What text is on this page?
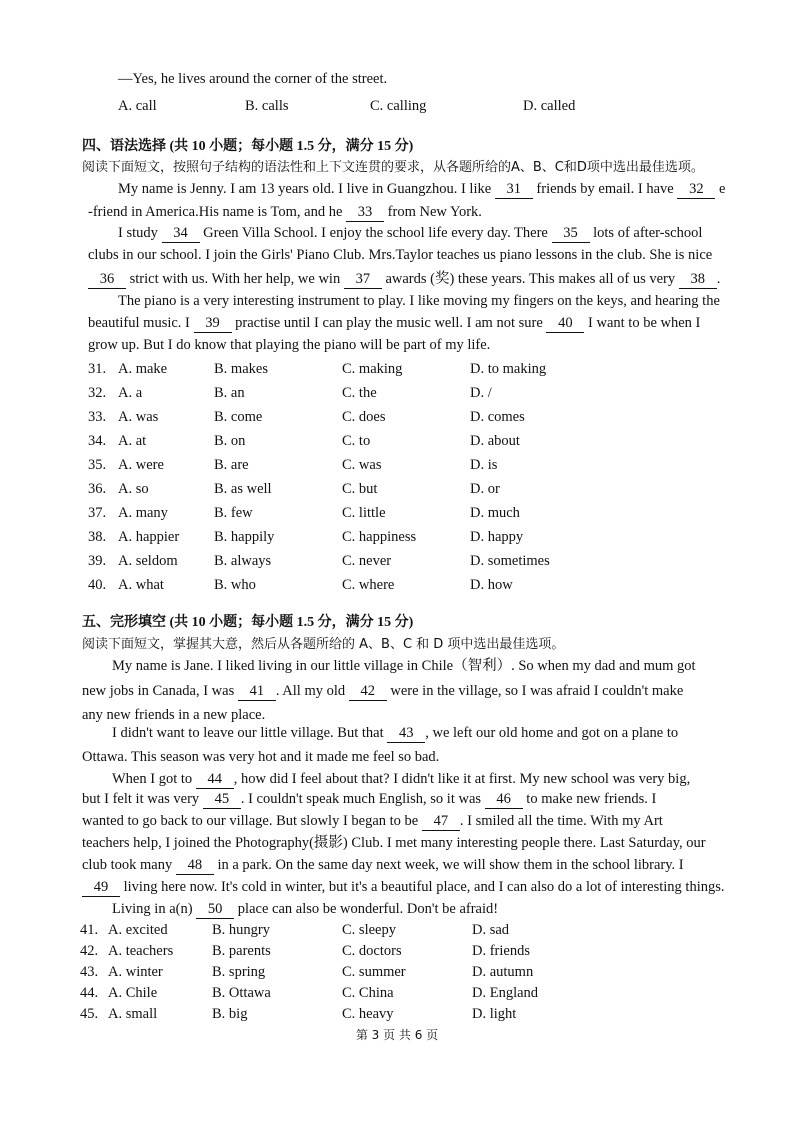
—Yes, he lives around the corner of the street.
A. call	B. calls	C. calling	D. called
四、语法选择 (共 10 小题；每小题 1.5 分，满分 15 分)
阅读下面短文，按照句子结构的语法性和上下文连贯的要求，从各题所给的A、B、C和D项中选出最佳选项。
My name is Jenny. I am 13 years old. I live in Guangzhou. I like 31 friends by email. I have 32 e
-friend in America.His name is Tom, and he 33 from New York.
I study 34 Green Villa School. I enjoy the school life every day. There 35 lots of after-school
clubs in our school. I join the Girls' Piano Club. Mrs.Taylor teaches us piano lessons in the club. She is nice
36 strict with us. With her help, we win 37 awards (奖) these years. This makes all of us very 38 .
The piano is a very interesting instrument to play. I like moving my fingers on the keys, and hearing the
beautiful music. I 39 practise until I can play the music well. I am not sure 40 I want to be when I
grow up. But I do know that playing the piano will be part of my life.
31. A. make	B. makes	C. making	D. to making
32. A. a	B. an	C. the	D. /
33. A. was	B. come	C. does	D. comes
34. A. at	B. on	C. to	D. about
35. A. were	B. are	C. was	D. is
36. A. so	B. as well	C. but	D. or
37. A. many	B. few	C. little	D. much
38. A. happier B. happily	C. happiness	D. happy
39. A. seldom	B. always	C. never	D. sometimes
40. A. what	B. who	C. where	D. how
五、完形填空 (共 10 小题；每小题 1.5 分，满分 15 分)
阅读下面短文，掌握其大意，然后从各题所给的 A、B、C 和 D 项中选出最佳选项。
My name is Jane. I liked living in our little village in Chile（智利）. So when my dad and mum got
new jobs in Canada, I was 41 . All my old 42 were in the village, so I was afraid I couldn't make
any new friends in a new place.
I didn't want to leave our little village. But that 43 , we left our old home and got on a plane to
Ottawa. This season was very hot and it made me feel so bad.
When I got to 44 , how did I feel about that? I didn't like it at first. My new school was very big,
but I felt it was very 45 . I couldn't speak much English, so it was 46 to make new friends. I
wanted to go back to our village. But slowly I began to be 47 . I smiled all the time. With my Art
teachers help, I joined the Photography(摄影) Club. I met many interesting people there. Last Saturday, our
club took many 48 in a park. On the same day next week, we will show them in the school library. I
49 living here now. It's cold in winter, but it's a beautiful place, and I can also do a lot of interesting things.
Living in a(n) 50 place can also be wonderful. Don't be afraid!
41. A. excited	B. hungry	C. sleepy	D. sad
42. A. teachers	B. parents	C. doctors	D. friends
43. A. winter	B. spring	C. summer	D. autumn
44. A. Chile	B. Ottawa	C. China	D. England
45. A. small	B. big	C. heavy	D. light
第 3 页 共 6 页
